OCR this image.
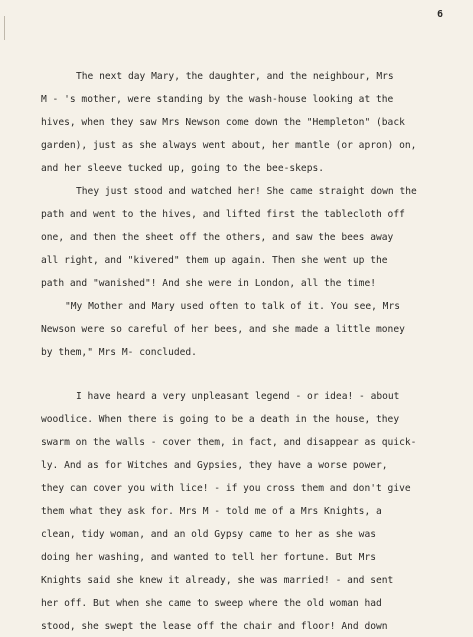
6
The next day Mary, the daughter, and the neighbour, Mrs
M - 's mother, were standing by the wash-house looking at the
hives, when they saw Mrs Newson come down the "Hempleton" (back
garden), just as she always went about, her mantle (or apron) on,
and her sleeve tucked up, going to the bee-skeps.
They just stood and watched her! She came straight down the
path and went to the hives, and lifted first the tablecloth off
one, and then the sheet off the others, and saw the bees away
all right, and "kivered" them up again. Then she went up the
path and "wanished"! And she were in London, all the time!
"My Mother and Mary used often to talk of it. You see, Mrs
Newson were so careful of her bees, and she made a little money
by them," Mrs M- concluded.
I have heard a very unpleasant legend - or idea! - about
woodlice. When there is going to be a death in the house, they
swarm on the walls - cover them, in fact, and disappear as quick-
ly. And as for Witches and Gypsies, they have a worse power,
they can cover you with lice! - if you cross them and don't give
them what they ask for. Mrs M - told me of a Mrs Knights, a
clean, tidy woman, and an old Gypsy came to her as she was
doing her washing, and wanted to tell her fortune. But Mrs
Knights said she knew it already, she was married! - and sent
her off. But when she came to sweep where the old woman had
stood, she swept the lease off the chair and floor! And down
